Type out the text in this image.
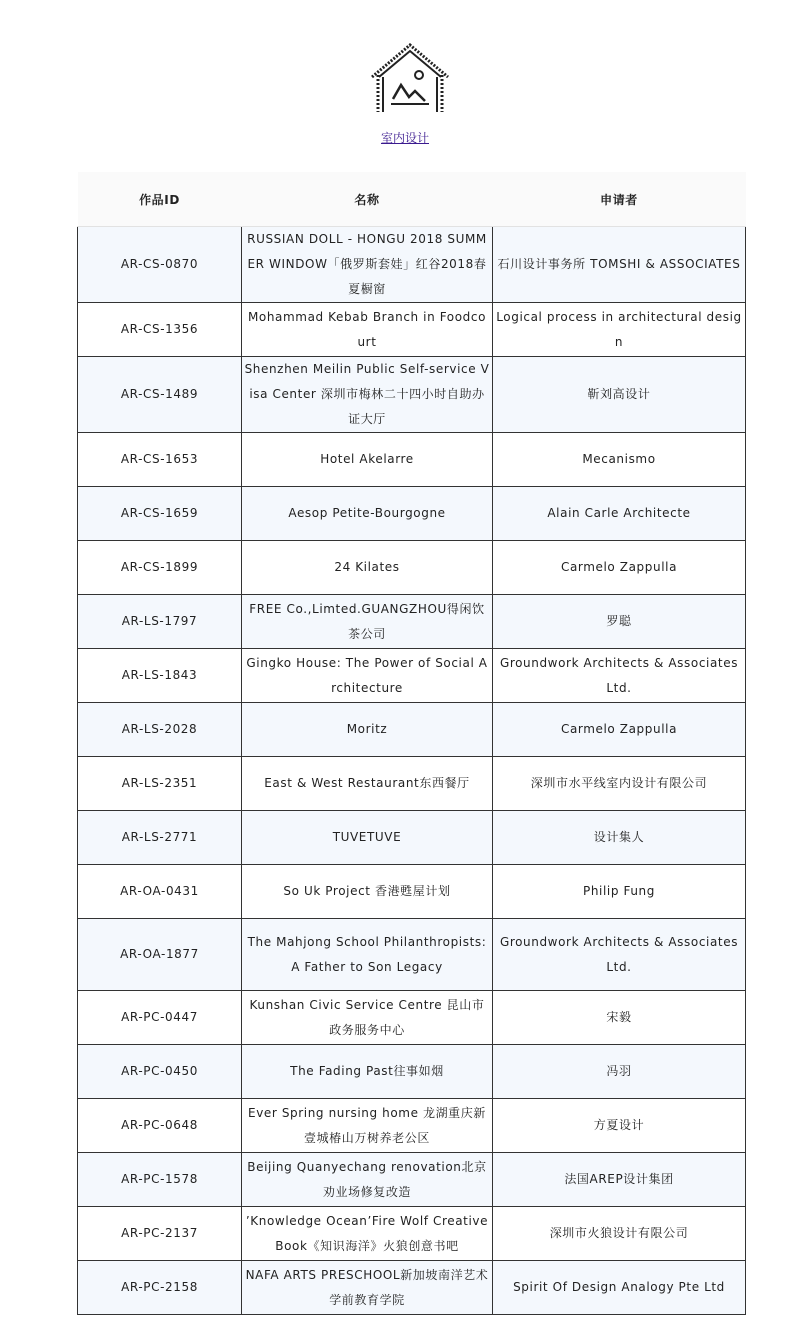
室内设计
作品ID	名称	申请者
AR-CS-0870	RUSSIAN DOLL - HONGU 2018 SUMMER WINDOW「俄罗斯套娃」红谷2018春夏橱窗	石川设计事务所 TOMSHI & ASSOCIATES
AR-CS-1356	Mohammad Kebab Branch in Foodcourt	Logical process in architectural design
AR-CS-1489	Shenzhen Meilin Public Self-service Visa Center 深圳市梅林二十四小时自助办证大厅	靳刘高设计
AR-CS-1653	Hotel Akelarre	Mecanismo
AR-CS-1659	Aesop Petite-Bourgogne	Alain Carle Architecte
AR-CS-1899	24 Kilates	Carmelo Zappulla
AR-LS-1797	FREE Co.,Limted.GUANGZHOU得闲饮茶公司	罗聪
AR-LS-1843	Gingko House: The Power of Social Architecture	Groundwork Architects & Associates Ltd.
AR-LS-2028	Moritz	Carmelo Zappulla
AR-LS-2351	East & West Restaurant东西餐厅	深圳市水平线室内设计有限公司
AR-LS-2771	TUVETUVE	设计集人
AR-OA-0431	So Uk Project 香港甦屋计划	Philip Fung
AR-OA-1877	The Mahjong School Philanthropists: A Father to Son Legacy	Groundwork Architects & Associates Ltd.
AR-PC-0447	Kunshan Civic Service Centre 昆山市政务服务中心	宋毅
AR-PC-0450	The Fading Past往事如烟	冯羽
AR-PC-0648	Ever Spring nursing home 龙湖重庆新壹城椿山万树养老公区	方夏设计
AR-PC-1578	Beijing Quanyechang renovation北京劝业场修复改造	法国AREP设计集团
AR-PC-2137	’Knowledge Ocean’Fire Wolf Creative Book《知识海洋》火狼创意书吧	深圳市火狼设计有限公司
AR-PC-2158	NAFA ARTS PRESCHOOL新加坡南洋艺术学前教育学院	Spirit Of Design Analogy Pte Ltd
